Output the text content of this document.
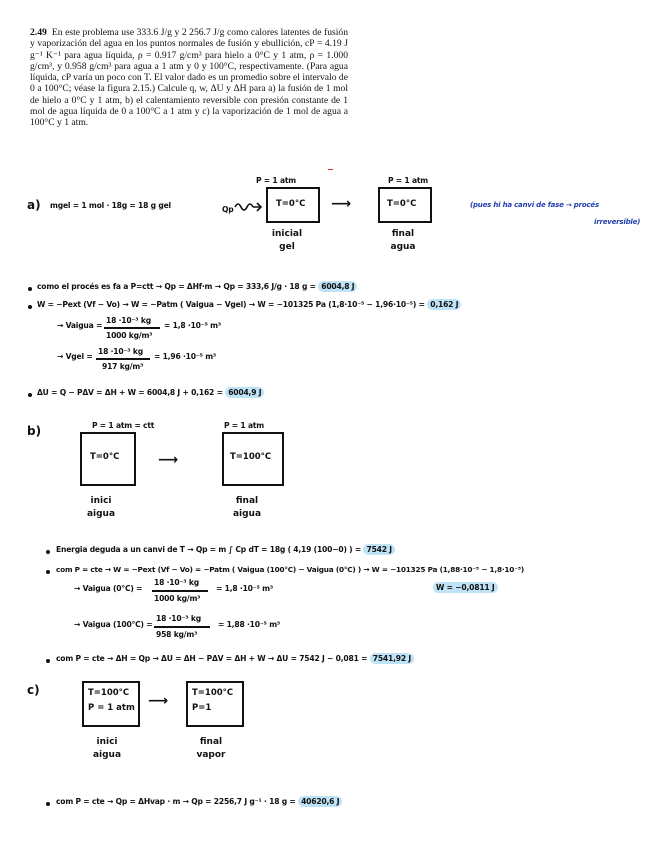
2.49 En este problema use 333.6 J/g y 2 256.7 J/g como calores latentes de fusión y vaporización del agua en los puntos normales de fusión y ebullición, cP = 4.19 J g⁻¹ K⁻¹ para agua líquida, ρ = 0.917 g/cm³ para hielo a 0°C y 1 atm, ρ = 1.000 g/cm³, y 0.958 g/cm³ para agua a 1 atm y 0 y 100°C, respectivamente. (Para agua líquida, cP varía un poco con T. El valor dado es un promedio sobre el intervalo de 0 a 100°C; véase la figura 2.15.) Calcule q, w, ΔU y ΔH para a) la fusión de 1 mol de hielo a 0°C y 1 atm, b) el calentamiento reversible con presión constante de 1 mol de agua líquida de 0 a 100°C a 1 atm y c) la vaporización de 1 mol de agua a 100°C y 1 atm.
a) mgel = 1 mol · 18g = 18 g gel	Qp
P = 1 atm
T=0°C ⟶
P = 1 atm
T=0°C
inicial
gel
final
agua
(pues hi ha canvi de fase → procés
irreversible)
como el procés es fa a P=ctt → Qp = ΔHf·m → Qp = 333,6 J/g · 18 g = 6004,8 J
W = −Pext (Vf − Vo) → W = −Patm ( Vaigua − Vgel) → W = −101325 Pa (1,8·10⁻⁵ − 1,96·10⁻⁵) = 0,162 J
→ Vaigua =
18 ·10⁻³ kg
1000 kg/m³
= 1,8 ·10⁻⁵ m³
→ Vgel =
18 ·10⁻³ kg
917 kg/m³
= 1,96 ·10⁻⁵ m³
ΔU = Q − PΔV = ΔH + W = 6004,8 J + 0,162 = 6004,9 J
b)	P = 1 atm = ctt
T=0°C	⟶
P = 1 atm
T=100°C
inici
aigua
final
aigua
Energia deguda a un canvi de T → Qp = m ∫ Cp dT = 18g ( 4,19 (100−0) ) = 7542 J
com P = cte → W = −Pext (Vf − Vo) = −Patm ( Vaigua (100°C) − Vaigua (0°C) ) → W = −101325 Pa (1,88·10⁻⁵ − 1,8·10⁻⁵)
W = −0,0811 J
→ Vaigua (0°C) =
18 ·10⁻³ kg
1000 kg/m³
= 1,8 ·10⁻⁵ m³
→ Vaigua (100°C) =
18 ·10⁻³ kg
958 kg/m³
= 1,88 ·10⁻⁵ m³
com P = cte → ΔH = Qp → ΔU = ΔH − PΔV = ΔH + W → ΔU = 7542 J − 0,081 = 7541,92 J
c)	T=100°C
P = 1 atm ⟶	T=100°C
P=1
inici
aigua
final
vapor
com P = cte → Qp = ΔHvap · m → Qp = 2256,7 J g⁻¹ · 18 g = 40620,6 J
